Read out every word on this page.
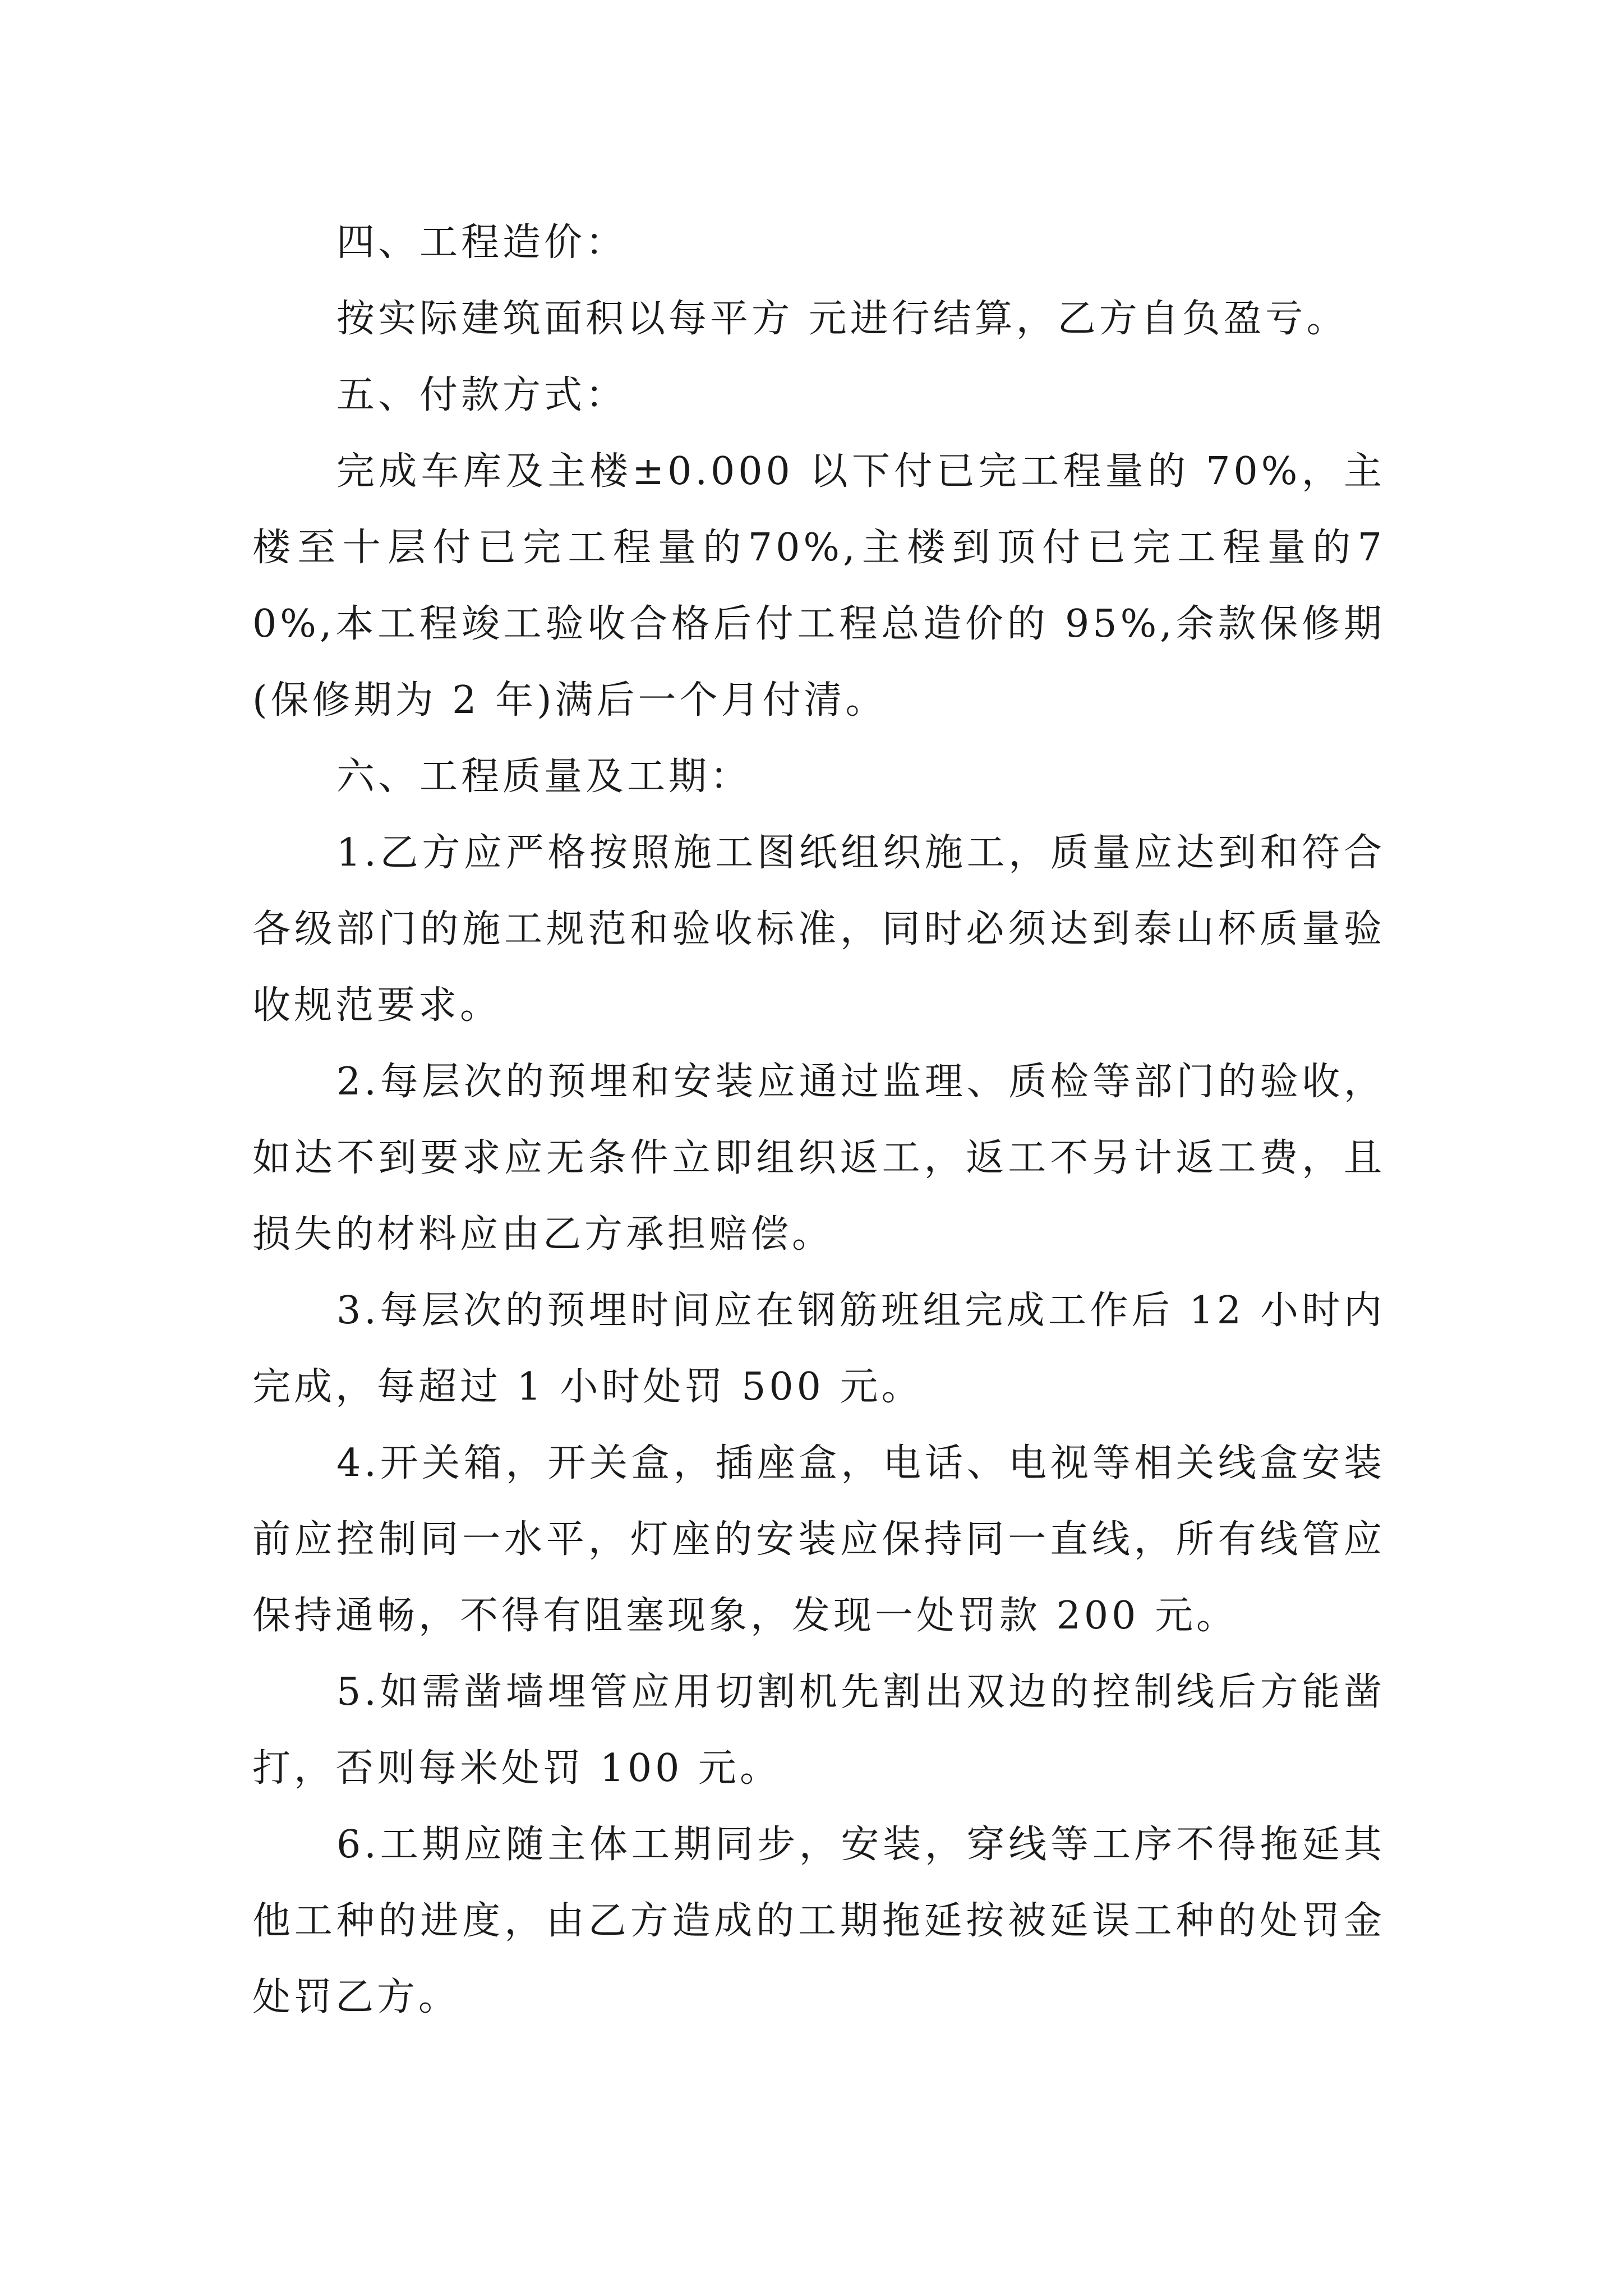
四、工程造价：

按实际建筑面积以每平方 元进行结算，乙方自负盈亏。

五、付款方式：

完成车库及主楼±0.000 以下付已完工程量的 70%，主楼至十层付已完工程量的70%,主楼到顶付已完工程量的70%,本工程竣工验收合格后付工程总造价的 95%,余款保修期(保修期为 2 年)满后一个月付清。

六、工程质量及工期：

1.乙方应严格按照施工图纸组织施工，质量应达到和符合各级部门的施工规范和验收标准，同时必须达到泰山杯质量验收规范要求。

2.每层次的预埋和安装应通过监理、质检等部门的验收，如达不到要求应无条件立即组织返工，返工不另计返工费，且损失的材料应由乙方承担赔偿。

3.每层次的预埋时间应在钢筋班组完成工作后 12 小时内完成，每超过 1 小时处罚 500 元。

4.开关箱，开关盒，插座盒，电话、电视等相关线盒安装前应控制同一水平，灯座的安装应保持同一直线，所有线管应保持通畅，不得有阻塞现象，发现一处罚款 200 元。

5.如需凿墙埋管应用切割机先割出双边的控制线后方能凿打，否则每米处罚 100 元。

6.工期应随主体工期同步，安装，穿线等工序不得拖延其他工种的进度，由乙方造成的工期拖延按被延误工种的处罚金处罚乙方。
